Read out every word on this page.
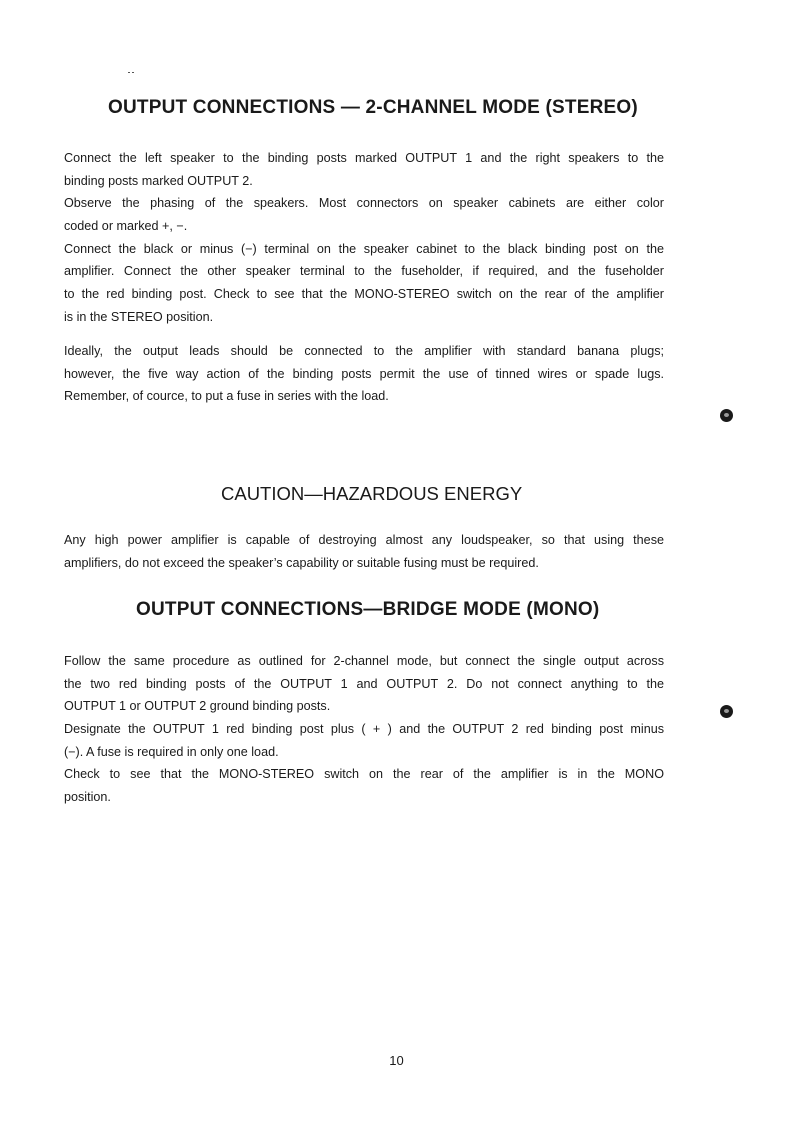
OUTPUT CONNECTIONS — 2-CHANNEL MODE (STEREO)
Connect the left speaker to the binding posts marked OUTPUT 1 and the right speakers to the
binding posts marked OUTPUT 2.
Observe the phasing of the speakers. Most connectors on speaker cabinets are either color
coded or marked +, −.
Connect the black or minus (−) terminal on the speaker cabinet to the black binding post on the
amplifier. Connect the other speaker terminal to the fuseholder, if required, and the fuseholder
to the red binding post. Check to see that the MONO-STEREO switch on the rear of the amplifier
is in the STEREO position.
Ideally, the output leads should be connected to the amplifier with standard banana plugs;
however, the five way action of the binding posts permit the use of tinned wires or spade lugs.
Remember, of cource, to put a fuse in series with the load.
CAUTION—HAZARDOUS ENERGY
Any high power amplifier is capable of destroying almost any loudspeaker, so that using these
amplifiers, do not exceed the speaker’s capability or suitable fusing must be required.
OUTPUT CONNECTIONS—BRIDGE MODE (MONO)
Follow the same procedure as outlined for 2-channel mode, but connect the single output across
the two red binding posts of the OUTPUT 1 and OUTPUT 2. Do not connect anything to the
OUTPUT 1 or OUTPUT 2 ground binding posts.
Designate the OUTPUT 1 red binding post plus ( + ) and the OUTPUT 2 red binding post minus
(−). A fuse is required in only one load.
Check to see that the MONO-STEREO switch on the rear of the amplifier is in the MONO
position.

10
